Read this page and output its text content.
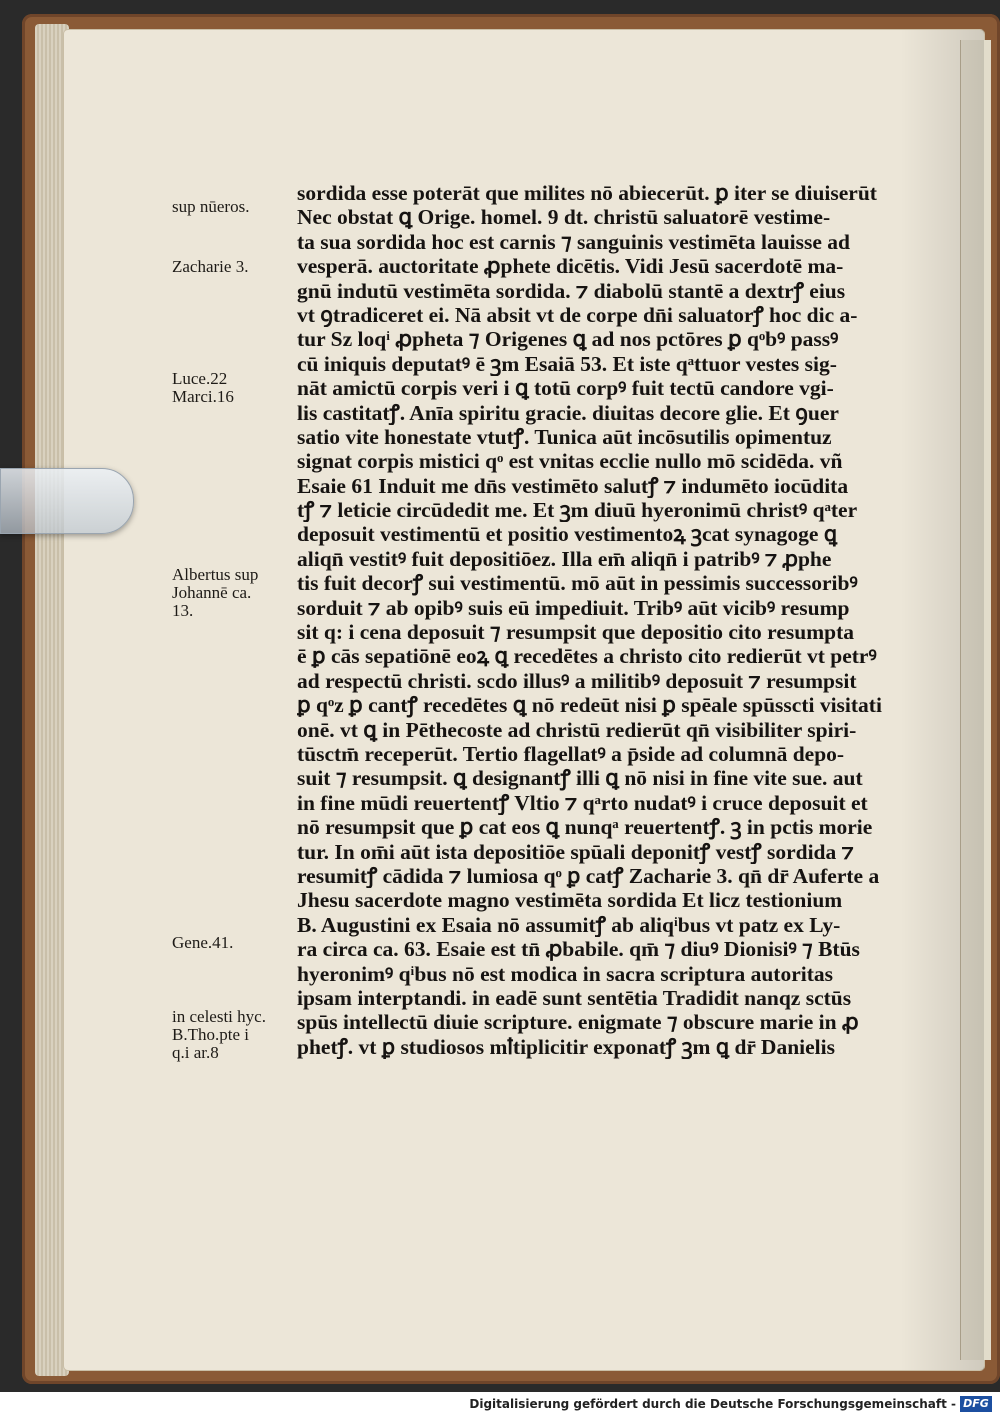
sup nūeros.
Zacharie 3.
Luce.22
Marci.16
Albertus sup
Johannē ca.
13.
Gene.41.
in celesti hyc.
B.Tho.pte i
q.i ar.8
sordida esse poterāt que milites nō abiecerūt. ꝑ iter se diuiserūt
Nec obstat ꝗ Orige. homel. 9 dt. christū saluatorē vestime-
ta sua sordida hoc est carnis ⁊ sanguinis vestimēta lauisse ad
vesperā. auctoritate ꝓphete dicētis. Vidi Jesū sacerdotē ma-
gnū indutū vestimēta sordida. ⁊ diabolū stantē a dextrꝭ eius
vt ꝯtradiceret ei. Nā absit vt de corpe dn̄i saluatorꝭ hoc dic a-
tur Sz loqͥ ꝓpheta ⁊ Origenes ꝗ ad nos pctōres ꝑ qͦbꝰ passꝰ
cū iniquis deputatꝰ ē ꝫm Esaiā 53. Et iste qͣttuor vestes sig-
nāt amictū corpis veri i ꝗ totū corpꝰ fuit tectū candore vgi-
lis castitatꝭ. Anīa spiritu gracie. diuitas decore glie. Et ꝯuer
satio vite honestate vtutꝭ. Tunica aūt incōsutilis opimentuz
signat corpis mistici qͦ est vnitas ecclie nullo mō scidēda. vñ
Esaie 61 Induit me dn̄s vestimēto salutꝭ ⁊ indumēto iocūdita
tꝭ ⁊ leticie circūdedit me. Et ꝫm diuū hyeronimū christꝰ qͣter
deposuit vestimentū et positio vestimentoꝝ ꝫcat synagoge ꝗ
aliqn̄ vestitꝰ fuit depositiōez. Illa em̄ aliqn̄ i patribꝰ ⁊ ꝓphe
tis fuit decorꝭ sui vestimentū. mō aūt in pessimis successoribꝰ
sorduit ⁊ ab opibꝰ suis eū impediuit. Tribꝰ aūt vicibꝰ resump
sit q: i cena deposuit ⁊ resumpsit que depositio cito resumpta
ē ꝑ cās sepatiōnē eoꝝ ꝗ recedētes a christo cito redierūt vt petrꝰ
ad respectū christi. scdo illusꝰ a militibꝰ deposuit ⁊ resumpsit
ꝑ qͦz ꝑ cantꝭ recedētes ꝗ nō redeūt nisi ꝑ spēale spūsscti visitati
onē. vt ꝗ in Pēthecoste ad christū redierūt qn̄ visibiliter spiri-
tūsctm̄ receperūt. Tertio flagellatꝰ a p̄side ad columnā depo-
suit ⁊ resumpsit. ꝗ designantꝭ illi ꝗ nō nisi in fine vite sue. aut
in fine mūdi reuertentꝭ Vltio ⁊ qͣrto nudatꝰ i cruce deposuit et
nō resumpsit que ꝑ cat eos ꝗ nunqͣ reuertentꝭ. ꝫ in pctis morie
tur. In om̄i aūt ista depositiōe spūali deponitꝭ vestꝭ sordida ⁊
resumitꝭ cādida ⁊ lumiosa qͦ ꝑ catꝭ Zacharie 3. qn̄ dr̄ Auferte a
Jhesu sacerdote magno vestimēta sordida Et licz testionium
B. Augustini ex Esaia nō assumitꝭ ab aliqͥbus vt patz ex Ly-
ra circa ca. 63. Esaie est tn̄ ꝓbabile. qm̄ ⁊ diuꝰ Dionisiꝰ ⁊ Btūs
hyeronimꝰ qͥbus nō est modica in sacra scriptura autoritas
ipsam interptandi. in eadē sunt sentētia Tradidit nanqz sctūs
spūs intellectū diuie scripture. enigmate ⁊ obscure marie in ꝓ
phetꝭ. vt ꝑ studiosos mꝉtiplicitir exponatꝭ ꝫm ꝗ dr̄ Danielis
Digitalisierung gefördert durch die Deutsche Forschungsgemeinschaft - DFG
